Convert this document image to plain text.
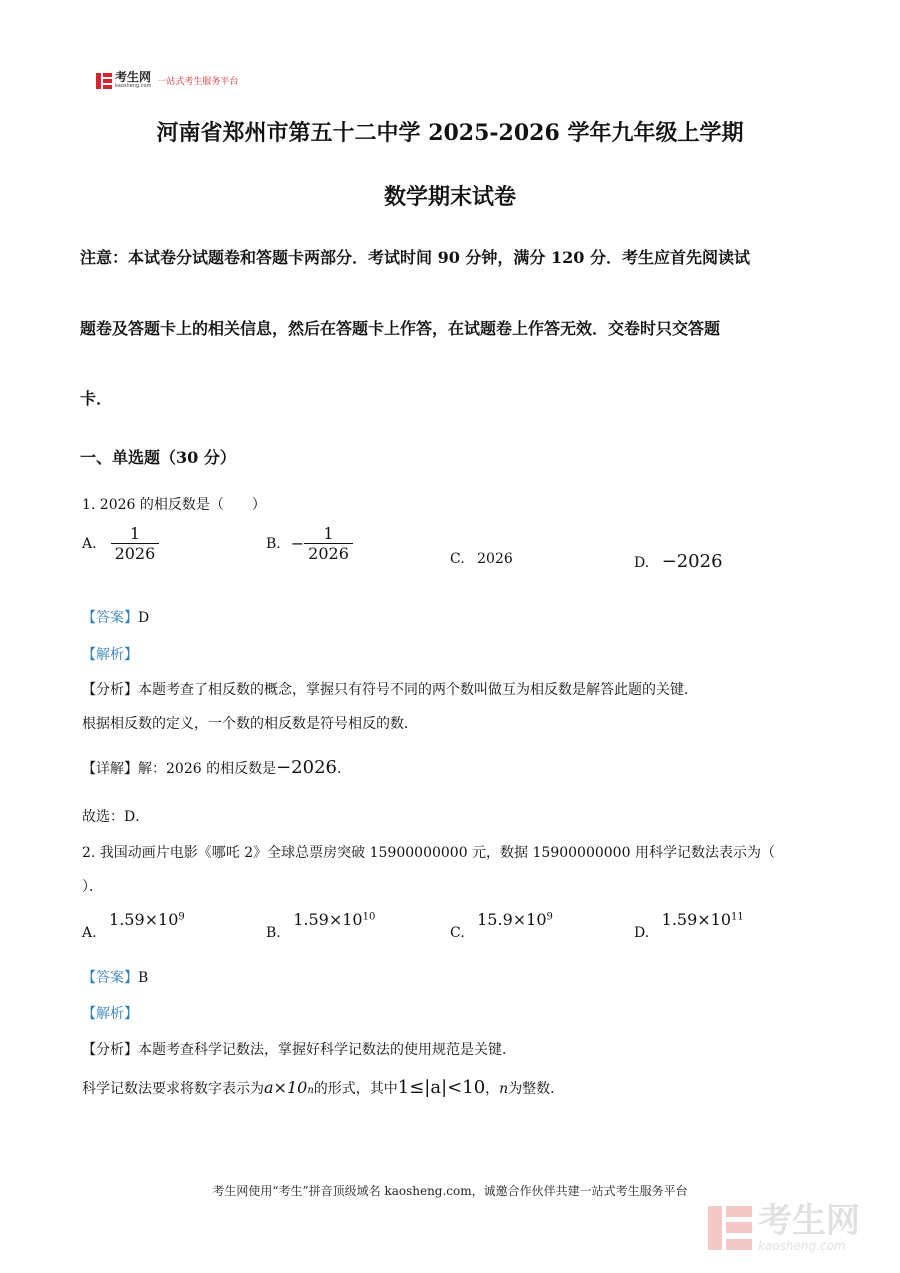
考生网
kaosheng.com 一站式考生服务平台
河南省郑州市第五十二中学 2025-2026 学年九年级上学期
数学期末试卷
注意：本试卷分试题卷和答题卡两部分．考试时间 90 分钟，满分 120 分．考生应首先阅读试
题卷及答题卡上的相关信息，然后在答题卡上作答，在试题卷上作答无效．交卷时只交答题
卡．
一、单选题（30 分）
1. 2026 的相反数是（　　）
A. $\frac{1}{2026}$	B. − $\frac{1}{2026}$	C. 2026	D. −2026
【答案】D
【解析】
【分析】本题考查了相反数的概念，掌握只有符号不同的两个数叫做互为相反数是解答此题的关键．
根据相反数的定义，一个数的相反数是符号相反的数．
【详解】解：2026 的相反数是−2026．
故选：D．
2. 我国动画片电影《哪吒 2》全球总票房突破 15900000000 元，数据 15900000000 用科学记数法表示为（
）．
A. $1.59\times 10^9$
B. $1.59\times 10^{10}$
C. $15.9\times 10^9$
D. $1.59\times 10^{11}$
【答案】B
【解析】
【分析】本题考查科学记数法，掌握好科学记数法的使用规范是关键．
科学记数法要求将数字表示为 $a\times 10_n$ 的形式，其中 1≤|a|<10 ， n 为整数．
考生网使用“考生”拼音顶级域名 kaosheng.com，诚邀合作伙伴共建一站式考生服务平台
考生网
kaosheng.com
